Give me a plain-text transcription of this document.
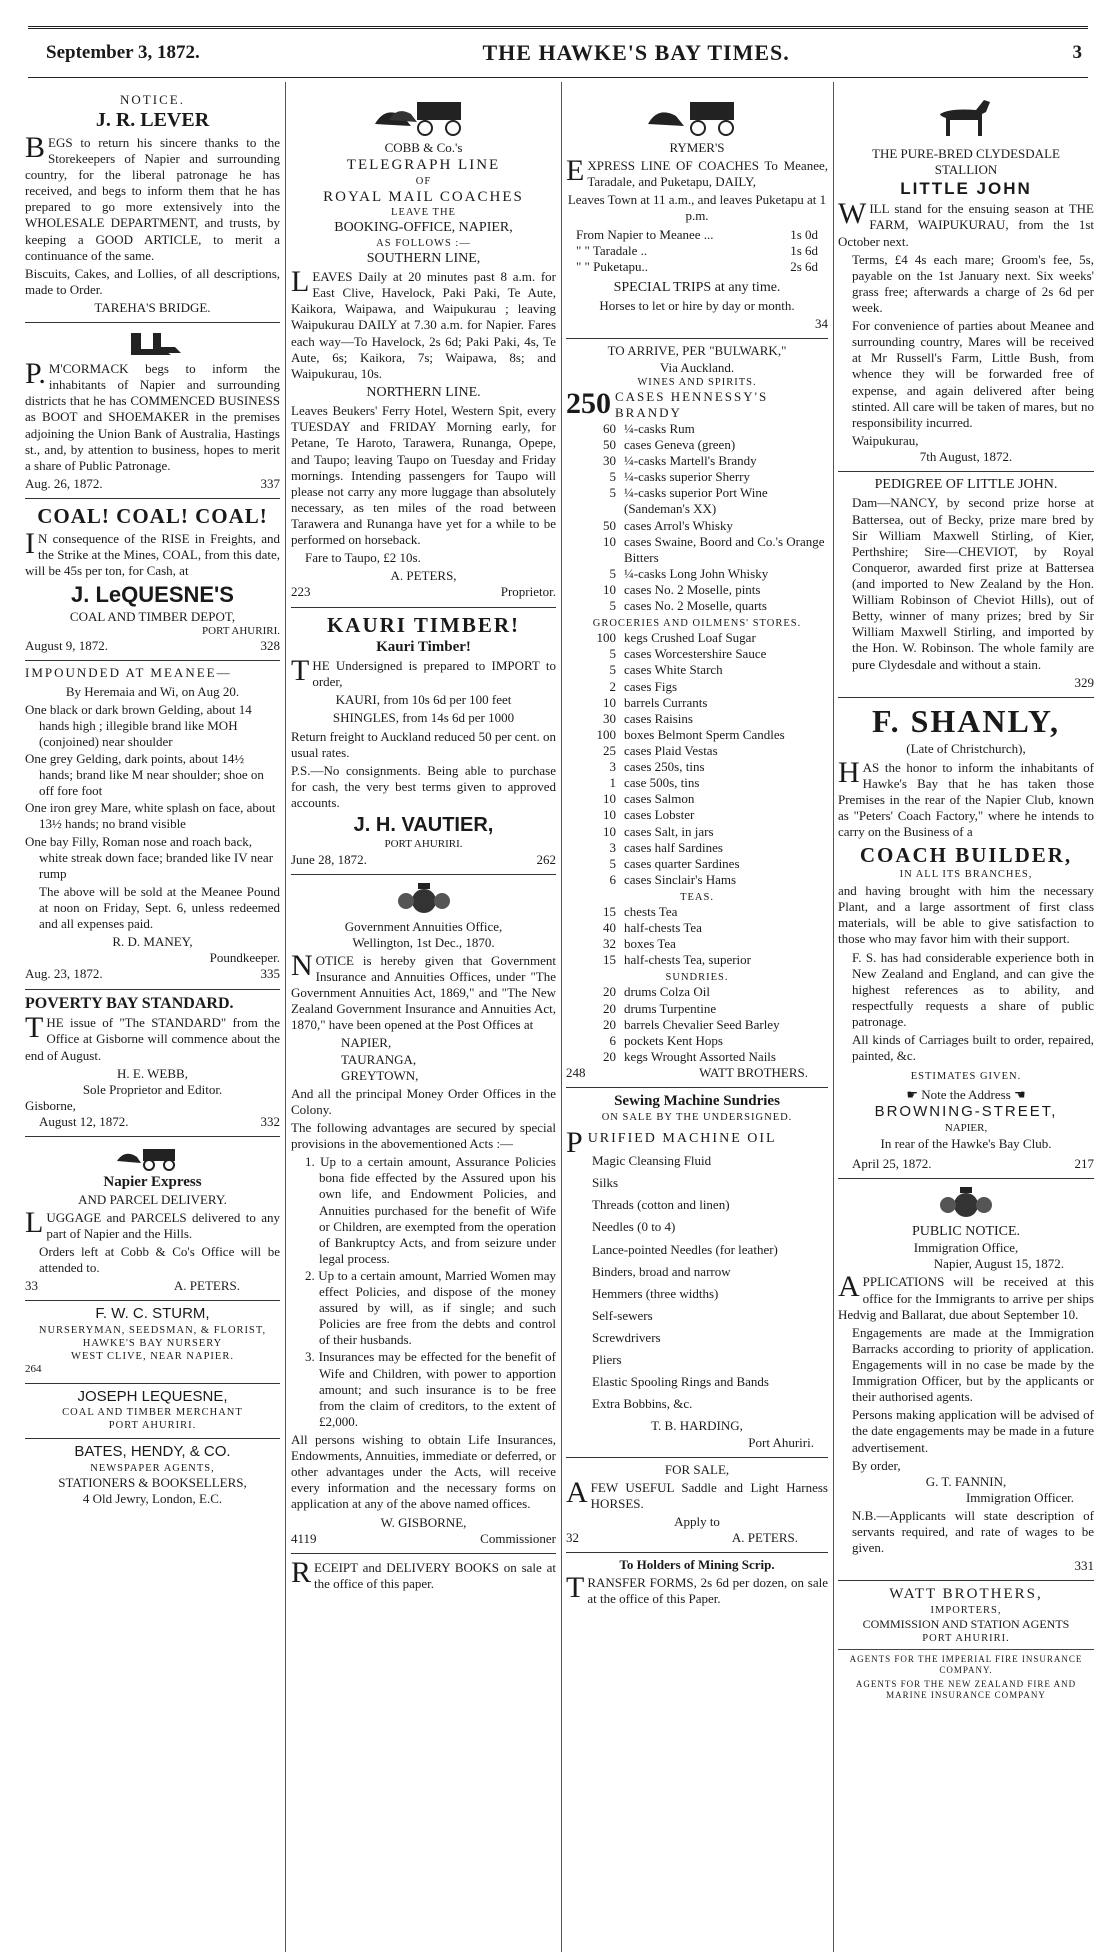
September 3, 1872.	THE HAWKE'S BAY TIMES.	3
NOTICE.
J. R. LEVER

BEGS to return his sincere thanks to the Storekeepers of Napier and surrounding country, for the liberal patronage he has received, and begs to inform them that he has prepared to go more extensively into the WHOLESALE DEPARTMENT, and trusts, by keeping a GOOD ARTICLE, to merit a continuance of the same.

Biscuits, Cakes, and Lollies, of all descriptions, made to Order.

TAREHA'S BRIDGE.

P.M'CORMACK begs to inform the inhabitants of Napier and surrounding districts that he has COMMENCED BUSINESS as BOOT and SHOEMAKER in the premises adjoining the Union Bank of Australia, Hastings st., and, by attention to business, hopes to merit a share of Public Patronage.

Aug. 26, 1872.	337
COAL! COAL! COAL!

IN consequence of the RISE in Freights, and the Strike at the Mines, COAL, from this date, will be 45s per ton, for Cash, at

J. LeQUESNE'S
COAL AND TIMBER DEPOT,
PORT AHURIRI.
August 9, 1872.	328
IMPOUNDED AT MEANEE—

By Heremaia and Wi, on Aug 20.

One black or dark brown Gelding, about 14 hands high ; illegible brand like MOH (conjoined) near shoulder

One grey Gelding, dark points, about 14½ hands; brand like M near shoulder; shoe on off fore foot

One iron grey Mare, white splash on face, about 13½ hands; no brand visible

One bay Filly, Roman nose and roach back, white streak down face; branded like IV near rump

The above will be sold at the Meanee Pound at noon on Friday, Sept. 6, unless redeemed and all expenses paid.

R. D. MANEY,
Poundkeeper.
Aug. 23, 1872.	335
POVERTY BAY STANDARD.

THE issue of "The STANDARD" from the Office at Gisborne will commence about the end of August.

H. E. WEBB,
Sole Proprietor and Editor.
Gisborne,
August 12, 1872.	332
Napier Express
AND PARCEL DELIVERY.

LUGGAGE and PARCELS delivered to any part of Napier and the Hills.

Orders left at Cobb & Co's Office will be attended to.

33	A. PETERS.
F. W. C. STURM,
NURSERYMAN, SEEDSMAN, & FLORIST,
HAWKE'S BAY NURSERY
WEST CLIVE, NEAR NAPIER.
264
JOSEPH LEQUESNE,
COAL AND TIMBER MERCHANT
PORT AHURIRI.
BATES, HENDY, & CO.
NEWSPAPER AGENTS,
STATIONERS & BOOKSELLERS,
4 Old Jewry, London, E.C.
COBB & Co.'s
TELEGRAPH LINE
OF
ROYAL MAIL COACHES
LEAVE THE
BOOKING-OFFICE, NAPIER,
AS FOLLOWS :—
SOUTHERN LINE,

LEAVES Daily at 20 minutes past 8 a.m. for East Clive, Havelock, Paki Paki, Te Aute, Kaikora, Waipawa, and Waipukurau ; leaving Waipukurau DAILY at 7.30 a.m. for Napier. Fares each way—To Havelock, 2s 6d; Paki Paki, 4s, Te Aute, 6s; Kaikora, 7s; Waipawa, 8s; and Waipukurau, 10s.

NORTHERN LINE.

Leaves Beukers' Ferry Hotel, Western Spit, every TUESDAY and FRIDAY Morning early, for Petane, Te Haroto, Tarawera, Runanga, Opepe, and Taupo; leaving Taupo on Tuesday and Friday mornings. Intending passengers for Taupo will please not carry any more luggage than absolutely necessary, as ten miles of the road between Tarawera and Runanga have yet for a while to be performed on horseback.

Fare to Taupo, £2 10s.

A. PETERS,
223	Proprietor.
KAURI TIMBER!
Kauri Timber!

THE Undersigned is prepared to IMPORT to order,

KAURI, from 10s 6d per 100 feet

SHINGLES, from 14s 6d per 1000

Return freight to Auckland reduced 50 per cent. on usual rates.

P.S.—No consignments. Being able to purchase for cash, the very best terms given to approved accounts.

J. H. VAUTIER,
PORT AHURIRI.
June 28, 1872.	262
Government Annuities Office,
Wellington, 1st Dec., 1870.

NOTICE is hereby given that Government Insurance and Annuities Offices, under "The Government Annuities Act, 1869," and "The New Zealand Government Insurance and Annuities Act, 1870," have been opened at the Post Offices at

NAPIER,
TAURANGA,
GREYTOWN,

And all the principal Money Order Offices in the Colony.

The following advantages are secured by special provisions in the abovementioned Acts :—

1. Up to a certain amount, Assurance Policies bona fide effected by the Assured upon his own life, and Endowment Policies, and Annuities purchased for the benefit of Wife or Children, are exempted from the operation of Bankruptcy Acts, and from seizure under legal process.

2. Up to a certain amount, Married Women may effect Policies, and dispose of the money assured by will, as if single; and such Policies are free from the debts and control of their husbands.

3. Insurances may be effected for the benefit of Wife and Children, with power to apportion amount; and such insurance is to be free from the claim of creditors, to the extent of £2,000.

All persons wishing to obtain Life Insurances, Endowments, Annuities, immediate or deferred, or other advantages under the Acts, will receive every information and the necessary forms on application at any of the above named offices.

W. GISBORNE,
4119	Commissioner

RECEIPT and DELIVERY BOOKS on sale at the office of this paper.

RYMER'S

EXPRESS LINE OF COACHES To Meanee, Taradale, and Puketapu, DAILY,

Leaves Town at 11 a.m., and leaves Puketapu at 1 p.m.

From Napier to Meanee ...	1s 0d
" " Taradale ..	1s 6d
" " Puketapu..	2s 6d
SPECIAL TRIPS at any time.

Horses to let or hire by day or month.

34
TO ARRIVE, PER "BULWARK,"
Via Auckland.
WINES AND SPIRITS.
250 CASES HENNESSY'S BRANDY
60 ¼-casks Rum
50 cases Geneva (green)
30 ¼-casks Martell's Brandy
5 ¼-casks superior Sherry
5 ¼-casks superior Port Wine (Sandeman's XX)
50 cases Arrol's Whisky
10 cases Swaine, Boord and Co.'s Orange Bitters
5 ¼-casks Long John Whisky
10 cases No. 2 Moselle, pints
5 cases No. 2 Moselle, quarts
GROCERIES AND OILMENS' STORES.
100 kegs Crushed Loaf Sugar
5 cases Worcestershire Sauce
5 cases White Starch
2 cases Figs
10 barrels Currants
30 cases Raisins
100 boxes Belmont Sperm Candles
25 cases Plaid Vestas
3 cases 250s, tins
1 case 500s, tins
10 cases Salmon
10 cases Lobster
10 cases Salt, in jars
3 cases half Sardines
5 cases quarter Sardines
6 cases Sinclair's Hams
TEAS.
15 chests Tea
40 half-chests Tea
32 boxes Tea
15 half-chests Tea, superior
SUNDRIES.
20 drums Colza Oil
20 drums Turpentine
20 barrels Chevalier Seed Barley
6 pockets Kent Hops
20 kegs Wrought Assorted Nails
248	WATT BROTHERS.
Sewing Machine Sundries
ON SALE BY THE UNDERSIGNED.
PURIFIED MACHINE OIL
Magic Cleansing Fluid
Silks
Threads (cotton and linen)
Needles (0 to 4)
Lance-pointed Needles (for leather)
Binders, broad and narrow
Hemmers (three widths)
Self-sewers
Screwdrivers
Pliers
Elastic Spooling Rings and Bands
Extra Bobbins, &c.
T. B. HARDING,
Port Ahuriri.
FOR SALE,

AFEW USEFUL Saddle and Light Harness HORSES.

Apply to
32	A. PETERS.
To Holders of Mining Scrip.

TRANSFER FORMS, 2s 6d per dozen, on sale at the office of this Paper.

THE PURE-BRED CLYDESDALE
STALLION
LITTLE JOHN

WILL stand for the ensuing season at THE FARM, WAIPUKURAU, from the 1st October next.

Terms, £4 4s each mare; Groom's fee, 5s, payable on the 1st January next. Six weeks' grass free; afterwards a charge of 2s 6d per week.

For convenience of parties about Meanee and surrounding country, Mares will be received at Mr Russell's Farm, Little Bush, from whence they will be forwarded free of expense, and again delivered after being stinted. All care will be taken of mares, but no responsibility incurred.

Waipukurau,
7th August, 1872.
PEDIGREE OF LITTLE JOHN.

Dam—NANCY, by second prize horse at Battersea, out of Becky, prize mare bred by Sir William Maxwell Stirling, of Kier, Perthshire; Sire—CHEVIOT, by Royal Conqueror, awarded first prize at Battersea (and imported to New Zealand by the Hon. William Robinson of Cheviot Hills), out of Betty, winner of many prizes; bred by Sir William Maxwell Stirling, and imported by the Hon. W. Robinson. The whole family are pure Clydesdale and without a stain.

329
F. SHANLY,
(Late of Christchurch),

HAS the honor to inform the inhabitants of Hawke's Bay that he has taken those Premises in the rear of the Napier Club, known as "Peters' Coach Factory," where he intends to carry on the Business of a

COACH BUILDER,
IN ALL ITS BRANCHES,

and having brought with him the necessary Plant, and a large assortment of first class materials, will be able to give satisfaction to those who may favor him with their support.

F. S. has had considerable experience both in New Zealand and England, and can give the highest references as to ability, and respectfully requests a share of public patronage.

All kinds of Carriages built to order, repaired, painted, &c.

ESTIMATES GIVEN.
☛ Note the Address ☚
BROWNING-STREET,
NAPIER,
In rear of the Hawke's Bay Club.
April 25, 1872.	217
PUBLIC NOTICE.
Immigration Office,
Napier, August 15, 1872.

APPLICATIONS will be received at this office for the Immigrants to arrive per ships Hedvig and Ballarat, due about September 10.

Engagements are made at the Immigration Barracks according to priority of application. Engagements will in no case be made by the Immigration Officer, but by the applicants or their authorised agents.

Persons making application will be advised of the date engagements may be made in a future advertisement.

By order,
G. T. FANNIN,
Immigration Officer.

N.B.—Applicants will state description of servants required, and rate of wages to be given.

331
WATT BROTHERS,
IMPORTERS,
COMMISSION AND STATION AGENTS
PORT AHURIRI.
AGENTS FOR THE IMPERIAL FIRE INSURANCE COMPANY.
AGENTS FOR THE NEW ZEALAND FIRE AND MARINE INSURANCE COMPANY
